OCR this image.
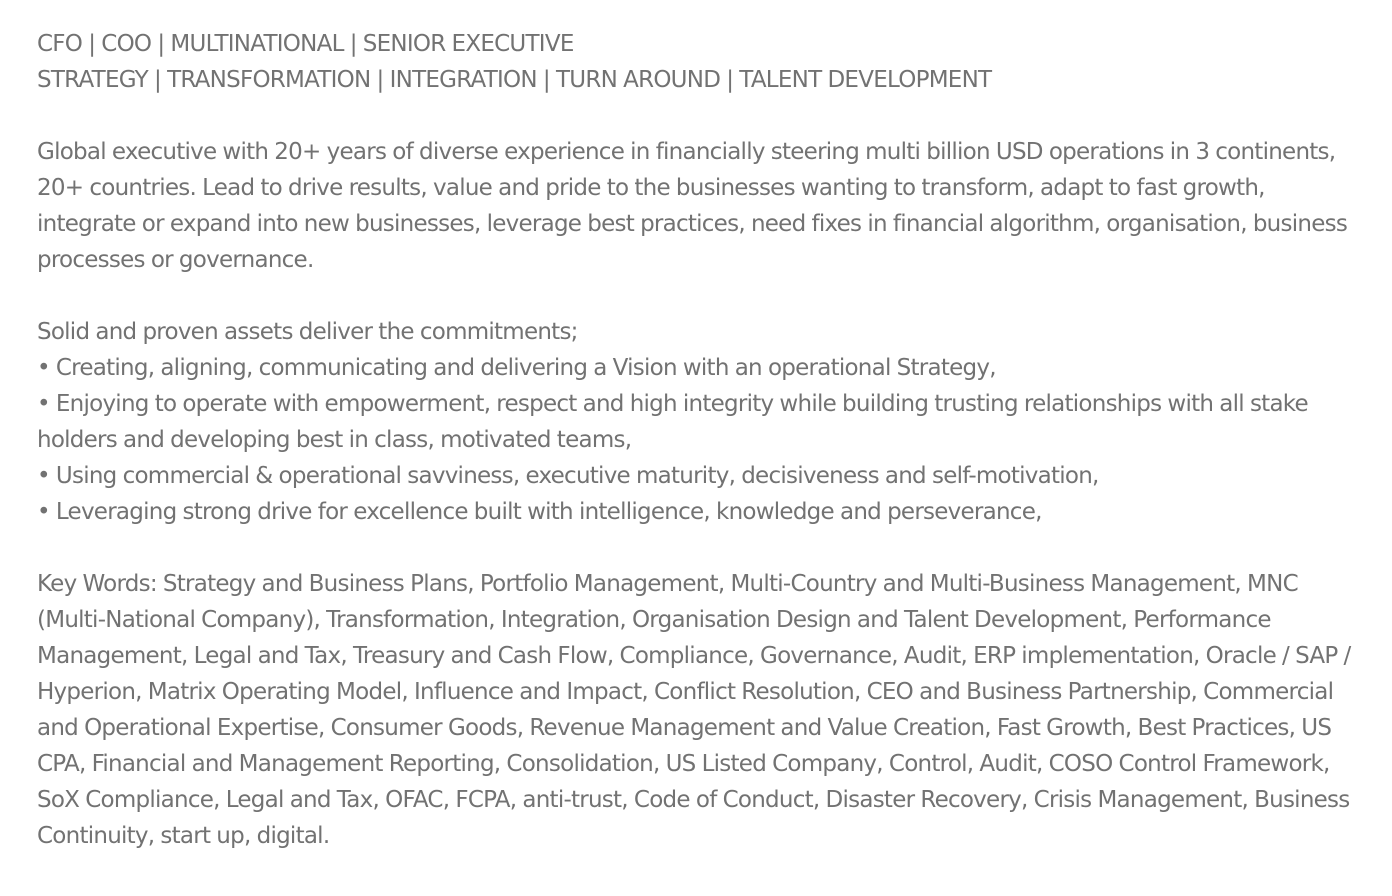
CFO | COO | MULTINATIONAL | SENIOR EXECUTIVE
STRATEGY | TRANSFORMATION | INTEGRATION | TURN AROUND | TALENT DEVELOPMENT
Global executive with 20+ years of diverse experience in financially steering multi billion USD operations in 3 continents, 20+ countries. Lead to drive results, value and pride to the businesses wanting to transform, adapt to fast growth, integrate or expand into new businesses, leverage best practices, need fixes in financial algorithm, organisation, business processes or governance.
Solid and proven assets deliver the commitments;
• Creating, aligning, communicating and delivering a Vision with an operational Strategy,
• Enjoying to operate with empowerment, respect and high integrity while building trusting relationships with all stake holders and developing best in class, motivated teams,
• Using commercial & operational savviness, executive maturity, decisiveness and self-motivation,
• Leveraging strong drive for excellence built with intelligence, knowledge and perseverance,
Key Words: Strategy and Business Plans, Portfolio Management, Multi-Country and Multi-Business Management, MNC (Multi-National Company), Transformation, Integration, Organisation Design and Talent Development, Performance Management, Legal and Tax, Treasury and Cash Flow, Compliance, Governance, Audit, ERP implementation, Oracle / SAP / Hyperion, Matrix Operating Model, Influence and Impact, Conflict Resolution, CEO and Business Partnership, Commercial and Operational Expertise, Consumer Goods, Revenue Management and Value Creation, Fast Growth, Best Practices, US CPA, Financial and Management Reporting, Consolidation, US Listed Company, Control, Audit, COSO Control Framework, SoX Compliance, Legal and Tax, OFAC, FCPA, anti-trust, Code of Conduct, Disaster Recovery, Crisis Management, Business Continuity, start up, digital.
